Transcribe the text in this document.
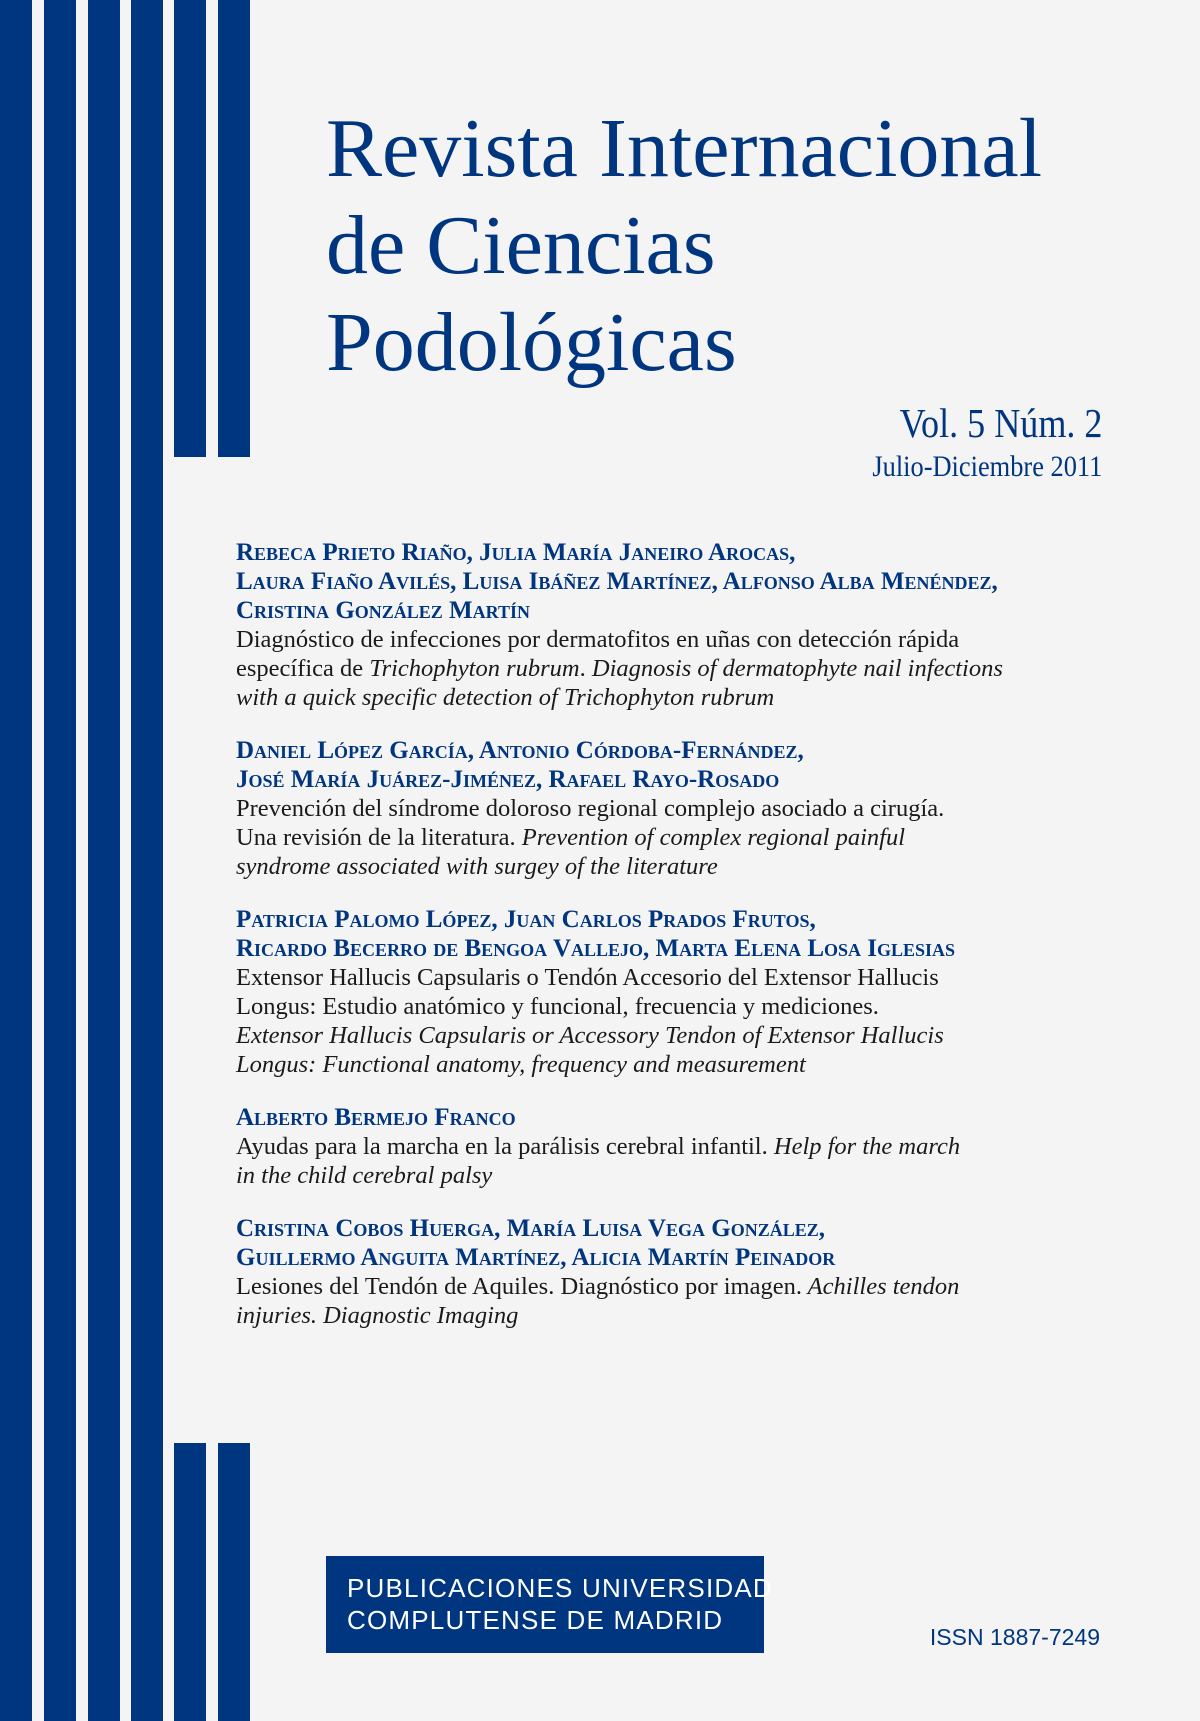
Revista Internacional
de Ciencias
Podológicas
Vol. 5 Núm. 2
Julio-Diciembre 2011
Rebeca Prieto Riaño, Julia María Janeiro Arocas,
Laura Fiaño Avilés, Luisa Ibáñez Martínez, Alfonso Alba Menéndez,
Cristina González Martín
Diagnóstico de infecciones por dermatofitos en uñas con detección rápida
específica de Trichophyton rubrum. Diagnosis of dermatophyte nail infections
with a quick specific detection of Trichophyton rubrum
Daniel López García, Antonio Córdoba-Fernández,
José María Juárez-Jiménez, Rafael Rayo-Rosado
Prevención del síndrome doloroso regional complejo asociado a cirugía.
Una revisión de la literatura. Prevention of complex regional painful
syndrome associated with surgey of the literature
Patricia Palomo López, Juan Carlos Prados Frutos,
Ricardo Becerro de Bengoa Vallejo, Marta Elena Losa Iglesias
Extensor Hallucis Capsularis o Tendón Accesorio del Extensor Hallucis
Longus: Estudio anatómico y funcional, frecuencia y mediciones.
Extensor Hallucis Capsularis or Accessory Tendon of Extensor Hallucis
Longus: Functional anatomy, frequency and measurement
Alberto Bermejo Franco
Ayudas para la marcha en la parálisis cerebral infantil. Help for the march
in the child cerebral palsy
Cristina Cobos Huerga, María Luisa Vega González,
Guillermo Anguita Martínez, Alicia Martín Peinador
Lesiones del Tendón de Aquiles. Diagnóstico por imagen. Achilles tendon
injuries. Diagnostic Imaging
PUBLICACIONES UNIVERSIDAD
COMPLUTENSE DE MADRID
ISSN 1887-7249
